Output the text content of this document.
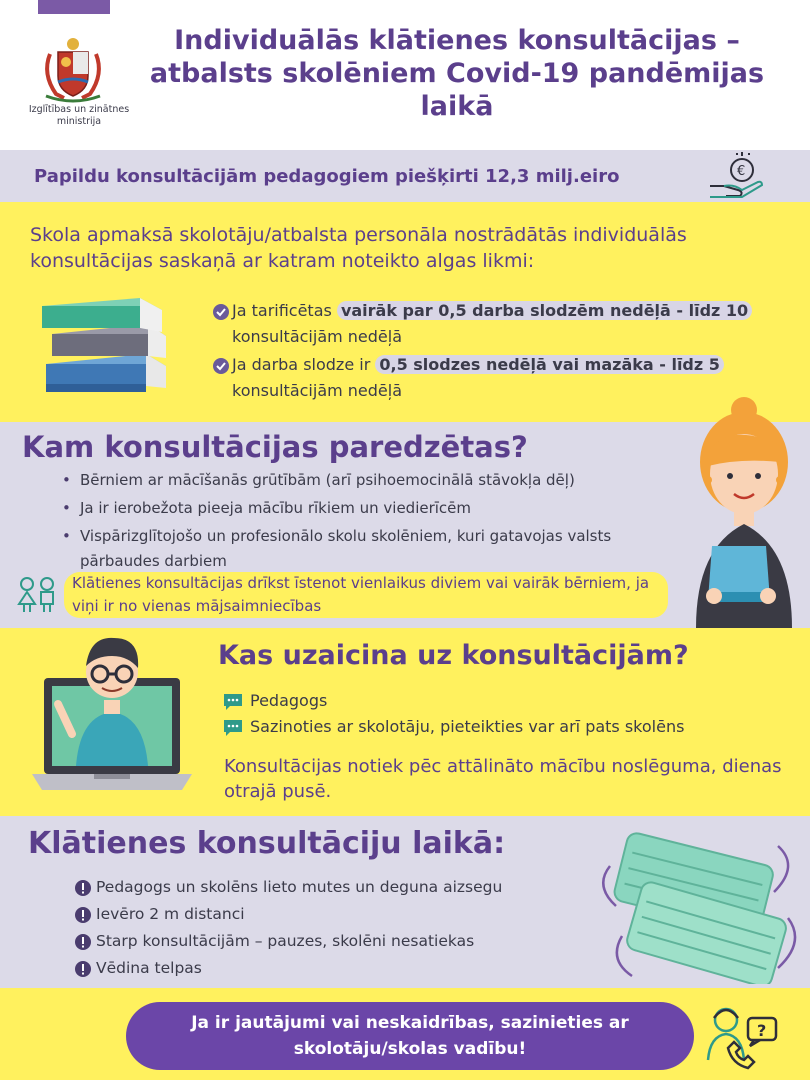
Izglītības un zinātnes ministrija
Individuālās klātienes konsultācijas – atbalsts skolēniem Covid-19 pandēmijas laikā
Papildu konsultācijām pedagogiem piešķirti 12,3 milj.eiro	€
Skola apmaksā skolotāju/atbalsta personāla nostrādātās individuālās konsultācijas saskaņā ar katram noteikto algas likmi:
Ja tarificētas vairāk par 0,5 darba slodzēm nedēļā - līdz 10
konsultācijām nedēļā
Ja darba slodze ir 0,5 slodzes nedēļā vai mazāka - līdz 5
konsultācijām nedēļā
Kam konsultācijas paredzētas?
• Bērniem ar mācīšanās grūtībām (arī psihoemocinālā stāvokļa dēļ)
• Ja ir ierobežota pieeja mācību rīkiem un viedierīcēm
• Vispārizglītojošo un profesionālo skolu skolēniem, kuri gatavojas valsts pārbaudes darbiem
Klātienes konsultācijas drīkst īstenot vienlaikus diviem vai vairāk bērniem, ja viņi ir no vienas mājsaimniecības
Kas uzaicina uz konsultācijām?
Pedagogs
Sazinoties ar skolotāju, pieteikties var arī pats skolēns
Konsultācijas notiek pēc attālināto mācību noslēguma, dienas otrajā pusē.
Klātienes konsultāciju laikā:
Pedagogs un skolēns lieto mutes un deguna aizsegu
Ievēro 2 m distanci
Starp konsultācijām – pauzes, skolēni nesatiekas
Vēdina telpas
Ja ir jautājumi vai neskaidrības, sazinieties ar skolotāju/skolas vadību!
?
